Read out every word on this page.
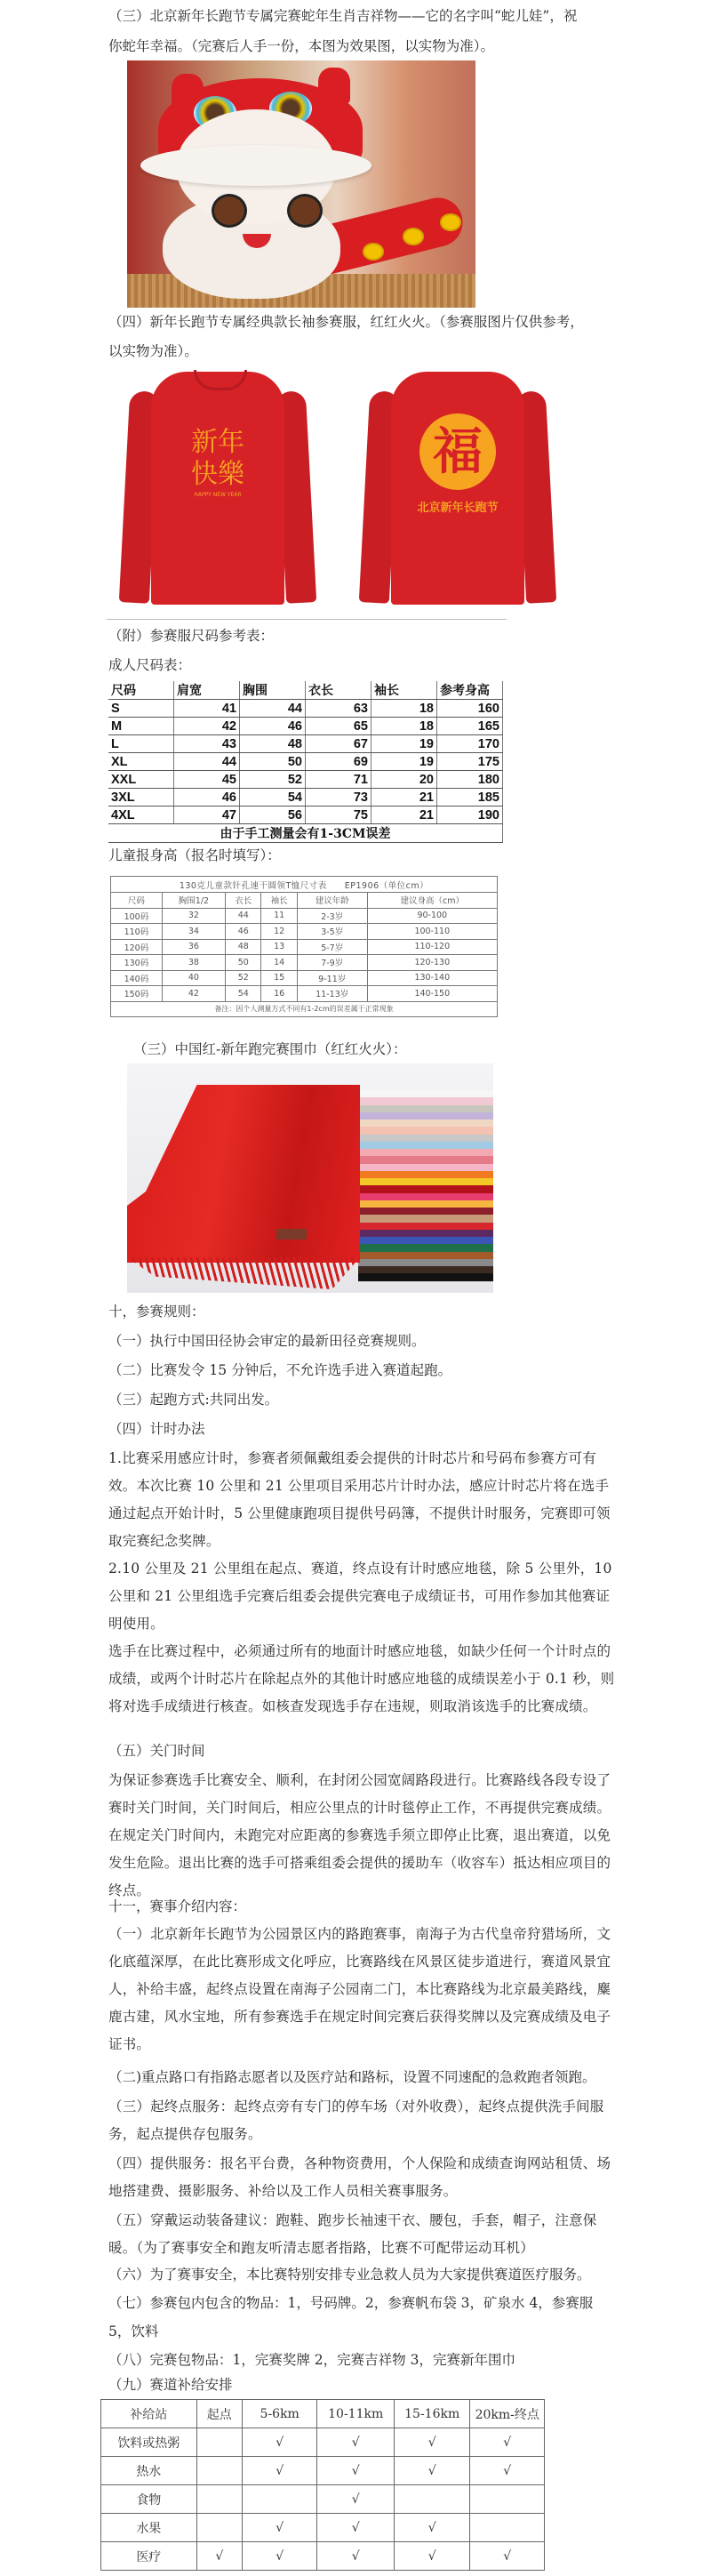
（三）北京新年长跑节专属完赛蛇年生肖吉祥物——它的名字叫“蛇儿娃”，祝
你蛇年幸福。（完赛后人手一份，本图为效果图，以实物为准）。
（四）新年长跑节专属经典款长袖参赛服，红红火火。（参赛服图片仅供参考，
以实物为准）。
新年
快樂
HAPPY NEW YEAR
福
北京新年长跑节
（附）参赛服尺码参考表：
成人尺码表：
尺码	肩宽	胸围	衣长	袖长	参考身高
S	41	44	63	18	160
M	42	46	65	18	165
L	43	48	67	19	170
XL	44	50	69	19	175
XXL	45	52	71	20	180
3XL	46	54	73	21	185
4XL	47	56	75	21	190
由于手工测量会有1-3CM误差					
儿童报身高（报名时填写）：
130克儿童款针孔速干圆领T恤尺寸表　　EP1906（单位cm）					
尺码	胸围1/2	衣长	袖长	建议年龄	建议身高（cm）
100码	32	44	11	2-3岁	90-100
110码	34	46	12	3-5岁	100-110
120码	36	48	13	5-7岁	110-120
130码	38	50	14	7-9岁	120-130
140码	40	52	15	9-11岁	130-140
150码	42	54	16	11-13岁	140-150
备注：因个人测量方式不同有1-2cm的误差属于正常现象					
（三）中国红-新年跑完赛围巾（红红火火）：
十，参赛规则：
（一）执行中国田径协会审定的最新田径竞赛规则。
（二）比赛发令 15 分钟后，不允许选手进入赛道起跑。
（三）起跑方式:共同出发。
（四）计时办法
1.比赛采用感应计时，参赛者须佩戴组委会提供的计时芯片和号码布参赛方可有效。本次比赛 10 公里和 21 公里项目采用芯片计时办法，感应计时芯片将在选手通过起点开始计时，5 公里健康跑项目提供号码簿，不提供计时服务，完赛即可领取完赛纪念奖牌。
2.10 公里及 21 公里组在起点、赛道，终点设有计时感应地毯，除 5 公里外，10 公里和 21 公里组选手完赛后组委会提供完赛电子成绩证书，可用作参加其他赛证明使用。
选手在比赛过程中，必须通过所有的地面计时感应地毯，如缺少任何一个计时点的成绩，或两个计时芯片在除起点外的其他计时感应地毯的成绩误差小于 0.1 秒，则将对选手成绩进行核查。如核查发现选手存在违规，则取消该选手的比赛成绩。
（五）关门时间
为保证参赛选手比赛安全、顺利，在封闭公园宽阔路段进行。比赛路线各段专设了赛时关门时间，关门时间后，相应公里点的计时毯停止工作，不再提供完赛成绩。在规定关门时间内，未跑完对应距离的参赛选手须立即停止比赛，退出赛道，以免发生危险。退出比赛的选手可搭乘组委会提供的援助车（收容车）抵达相应项目的终点。
十一，赛事介绍内容：
（一）北京新年长跑节为公园景区内的路跑赛事，南海子为古代皇帝狩猎场所，文化底蕴深厚，在此比赛形成文化呼应，比赛路线在风景区徒步道进行，赛道风景宜人，补给丰盛，起终点设置在南海子公园南二门，本比赛路线为北京最美路线，麋鹿古建，风水宝地，所有参赛选手在规定时间完赛后获得奖牌以及完赛成绩及电子证书。
（二)重点路口有指路志愿者以及医疗站和路标，设置不同速配的急救跑者领跑。
（三）起终点服务：起终点旁有专门的停车场（对外收费），起终点提供洗手间服务，起点提供存包服务。
（四）提供服务：报名平台费，各种物资费用，个人保险和成绩查询网站租赁、场地搭建费、摄影服务、补给以及工作人员相关赛事服务。
（五）穿戴运动装备建议：跑鞋、跑步长袖速干衣、腰包，手套，帽子，注意保暖。（为了赛事安全和跑友听清志愿者指路，比赛不可配带运动耳机）
（六）为了赛事安全，本比赛特别安排专业急救人员为大家提供赛道医疗服务。
（七）参赛包内包含的物品：1，号码牌。2，参赛帆布袋 3，矿泉水 4，参赛服
5，饮料
（八）完赛包物品：1，完赛奖牌 2，完赛吉祥物 3，完赛新年围巾
（九）赛道补给安排
补给站	起点	5-6km	10-11km	15-16km	20km-终点
饮料或热粥		√	√	√	√
热水		√	√	√	√
食物			√		
水果		√	√	√	
医疗	√	√	√	√	√
